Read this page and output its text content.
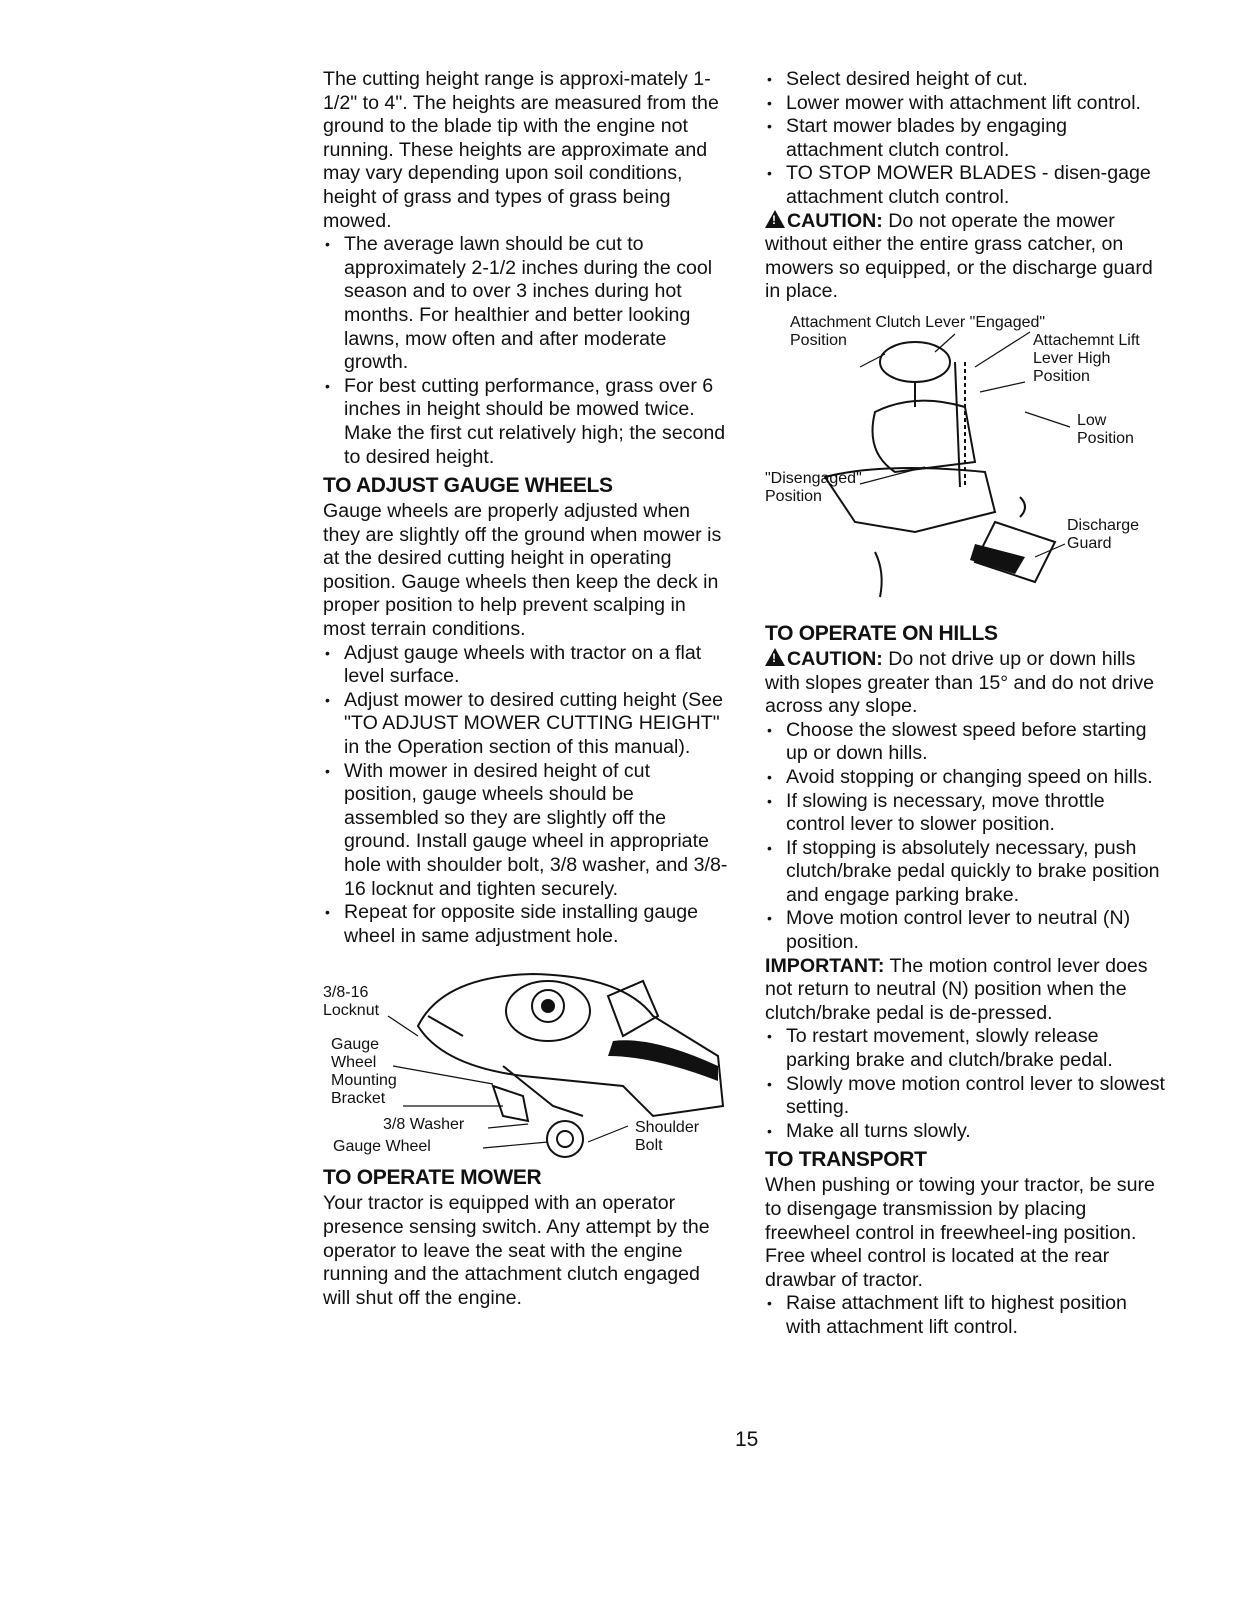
The cutting height range is approxi-mately 1-1/2" to 4". The heights are measured from the ground to the blade tip with the engine not running. These heights are approximate and may vary depending upon soil conditions, height of grass and types of grass being mowed.

• The average lawn should be cut to approximately 2-1/2 inches during the cool season and to over 3 inches during hot months. For healthier and better looking lawns, mow often and after moderate growth.
• For best cutting performance, grass over 6 inches in height should be mowed twice. Make the first cut relatively high; the second to desired height.
TO ADJUST GAUGE WHEELS

Gauge wheels are properly adjusted when they are slightly off the ground when mower is at the desired cutting height in operating position. Gauge wheels then keep the deck in proper position to help prevent scalping in most terrain conditions.

• Adjust gauge wheels with tractor on a flat level surface.
• Adjust mower to desired cutting height (See "TO ADJUST MOWER CUTTING HEIGHT" in the Operation section of this manual).
• With mower in desired height of cut position, gauge wheels should be assembled so they are slightly off the ground. Install gauge wheel in appropriate hole with shoulder bolt, 3/8 washer, and 3/8-16 locknut and tighten securely.
• Repeat for opposite side installing gauge wheel in same adjustment hole.
3/8-16
Locknut
Gauge
Wheel
Mounting
Bracket
3/8 Washer
Gauge Wheel
Shoulder
Bolt
TO OPERATE MOWER

Your tractor is equipped with an operator presence sensing switch. Any attempt by the operator to leave the seat with the engine running and the attachment clutch engaged will shut off the engine.

• Select desired height of cut.
• Lower mower with attachment lift control.
• Start mower blades by engaging attachment clutch control.
• TO STOP MOWER BLADES - disen-gage attachment clutch control.

!CAUTION: Do not operate the mower without either the entire grass catcher, on mowers so equipped, or the discharge guard in place.

Attachment Clutch Lever "Engaged"
Position	Attachemnt Lift
Lever High
Position
Low
Position
"Disengaged"
Position
Discharge
Guard
TO OPERATE ON HILLS

!CAUTION: Do not drive up or down hills with slopes greater than 15° and do not drive across any slope.

• Choose the slowest speed before starting up or down hills.
• Avoid stopping or changing speed on hills.
• If slowing is necessary, move throttle control lever to slower position.
• If stopping is absolutely necessary, push clutch/brake pedal quickly to brake position and engage parking brake.
• Move motion control lever to neutral (N) position.

IMPORTANT: The motion control lever does not return to neutral (N) position when the clutch/brake pedal is de-pressed.

• To restart movement, slowly release parking brake and clutch/brake pedal.
• Slowly move motion control lever to slowest setting.
• Make all turns slowly.
TO TRANSPORT

When pushing or towing your tractor, be sure to disengage transmission by placing freewheel control in freewheel-ing position. Free wheel control is located at the rear drawbar of tractor.

• Raise attachment lift to highest position with attachment lift control.
15
